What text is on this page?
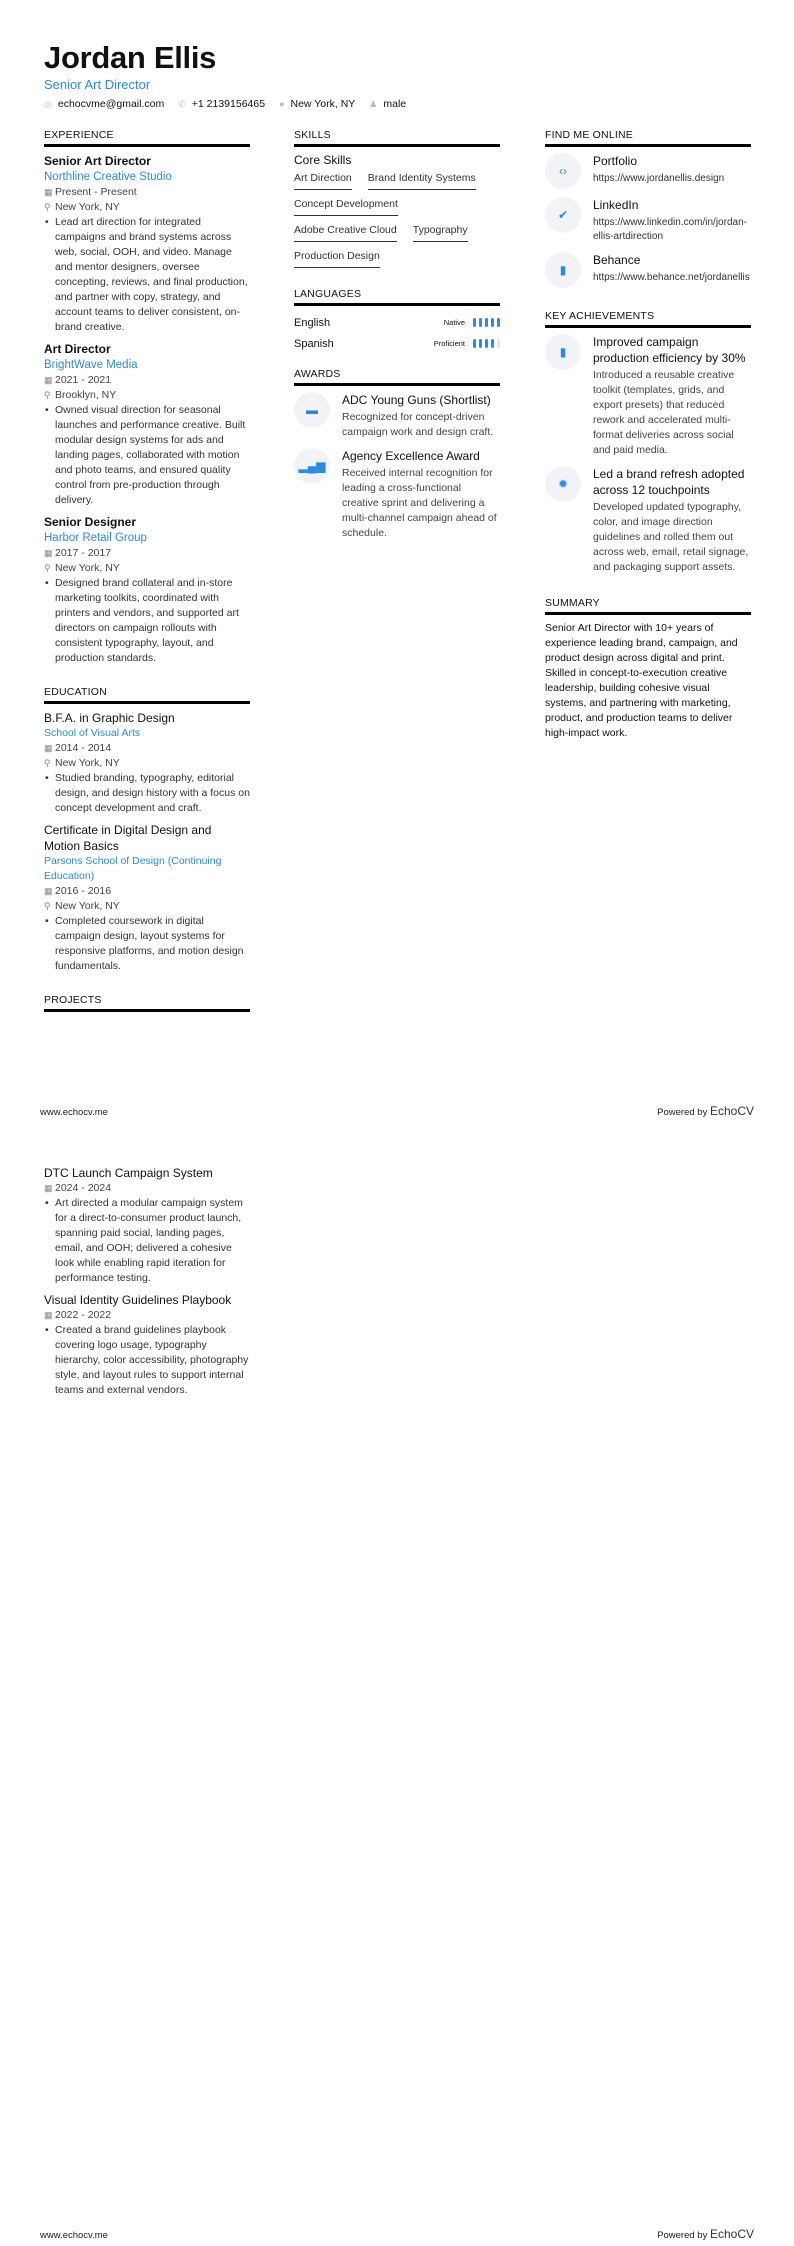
Jordan Ellis
Senior Art Director
◎ echocvme@gmail.com ✆ +1 2139156465 ● New York, NY ♟ male
EXPERIENCE
Senior Art Director
Northline Creative Studio
▦ Present - Present
⚲ New York, NY
• Lead art direction for integrated campaigns and brand systems across web, social, OOH, and video. Manage and mentor designers, oversee concepting, reviews, and final production, and partner with copy, strategy, and account teams to deliver consistent, on-brand creative.
Art Director
BrightWave Media
▦ 2021 - 2021
⚲ Brooklyn, NY
• Owned visual direction for seasonal launches and performance creative. Built modular design systems for ads and landing pages, collaborated with motion and photo teams, and ensured quality control from pre-production through delivery.
Senior Designer
Harbor Retail Group
▦ 2017 - 2017
⚲ New York, NY
• Designed brand collateral and in-store marketing toolkits, coordinated with printers and vendors, and supported art directors on campaign rollouts with consistent typography, layout, and production standards.
EDUCATION
B.F.A. in Graphic Design
School of Visual Arts
▦ 2014 - 2014
⚲ New York, NY
• Studied branding, typography, editorial design, and design history with a focus on concept development and craft.
Certificate in Digital Design and Motion Basics
Parsons School of Design (Continuing Education)
▦ 2016 - 2016
⚲ New York, NY
• Completed coursework in digital campaign design, layout systems for responsive platforms, and motion design fundamentals.
PROJECTS
SKILLS
Core Skills
Art Direction Brand Identity Systems
Concept Development
Adobe Creative Cloud Typography
Production Design
LANGUAGES
English	Native
Spanish	Proficient
AWARDS
▬
ADC Young Guns (Shortlist)
Recognized for concept-driven campaign work and design craft.
▂▄▆
Agency Excellence Award
Received internal recognition for leading a cross-functional creative sprint and delivering a multi-channel campaign ahead of schedule.
FIND ME ONLINE
‹›
Portfolio
https://www.jordanellis.design
✔
LinkedIn
https://www.linkedin.com/in/jordan-ellis-artdirection
▮
Behance
https://www.behance.net/jordanellis
KEY ACHIEVEMENTS
▮
Improved campaign production efficiency by 30%
Introduced a reusable creative toolkit (templates, grids, and export presets) that reduced rework and accelerated multi-format deliveries across social and paid media.
✹
Led a brand refresh adopted across 12 touchpoints
Developed updated typography, color, and image direction guidelines and rolled them out across web, email, retail signage, and packaging support assets.
SUMMARY
Senior Art Director with 10+ years of experience leading brand, campaign, and product design across digital and print. Skilled in concept-to-execution creative leadership, building cohesive visual systems, and partnering with marketing, product, and production teams to deliver high-impact work.
www.echocv.me	Powered by EchoCV
DTC Launch Campaign System
▦ 2024 - 2024
• Art directed a modular campaign system for a direct-to-consumer product launch, spanning paid social, landing pages, email, and OOH; delivered a cohesive look while enabling rapid iteration for performance testing.
Visual Identity Guidelines Playbook
▦ 2022 - 2022
• Created a brand guidelines playbook covering logo usage, typography hierarchy, color accessibility, photography style, and layout rules to support internal teams and external vendors.
www.echocv.me	Powered by EchoCV
